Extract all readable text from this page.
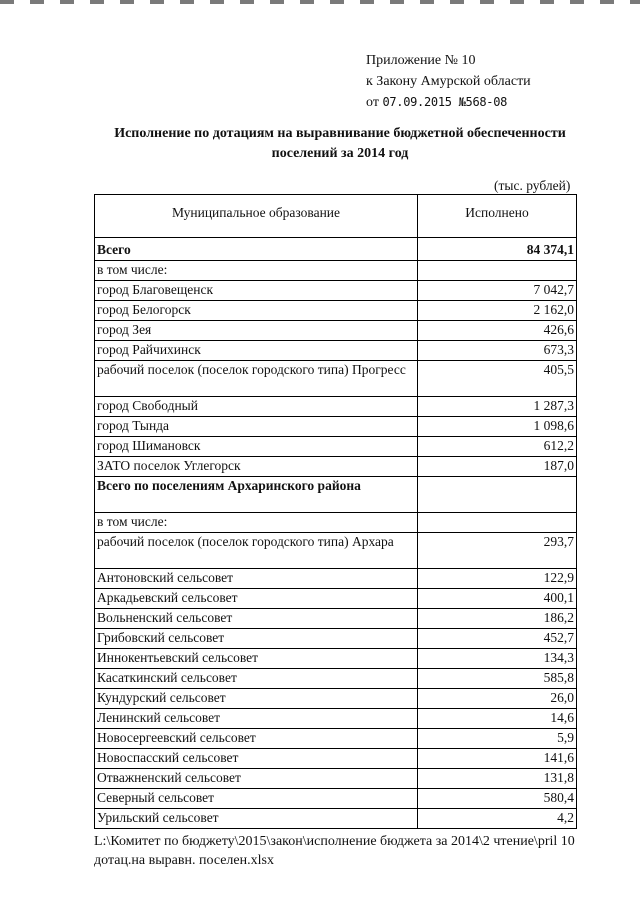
Приложение № 10
к Закону Амурской области
от 07.09.2015 №568-08
Исполнение по дотациям на выравнивание бюджетной обеспеченности
поселений за 2014 год
(тыс. рублей)
Муниципальное образование	Исполнено
Всего	84 374,1
в том числе:	
город Благовещенск	7 042,7
город Белогорск	2 162,0
город Зея	426,6
город Райчихинск	673,3
рабочий поселок (поселок городского типа) Прогресс	405,5
город Свободный	1 287,3
город Тында	1 098,6
город Шимановск	612,2
ЗАТО поселок Углегорск	187,0
Всего по поселениям Архаринского района	
в том числе:	
рабочий поселок (поселок городского типа) Архара	293,7
Антоновский сельсовет	122,9
Аркадьевский сельсовет	400,1
Вольненский сельсовет	186,2
Грибовский сельсовет	452,7
Иннокентьевский сельсовет	134,3
Касаткинский сельсовет	585,8
Кундурский сельсовет	26,0
Ленинский сельсовет	14,6
Новосергеевский сельсовет	5,9
Новоспасский сельсовет	141,6
Отважненский сельсовет	131,8
Северный сельсовет	580,4
Урильский сельсовет	4,2
L:\Комитет по бюджету\2015\закон\исполнение бюджета за 2014\2 чтение\pril 10
дотац.на выравн. поселен.xlsx
